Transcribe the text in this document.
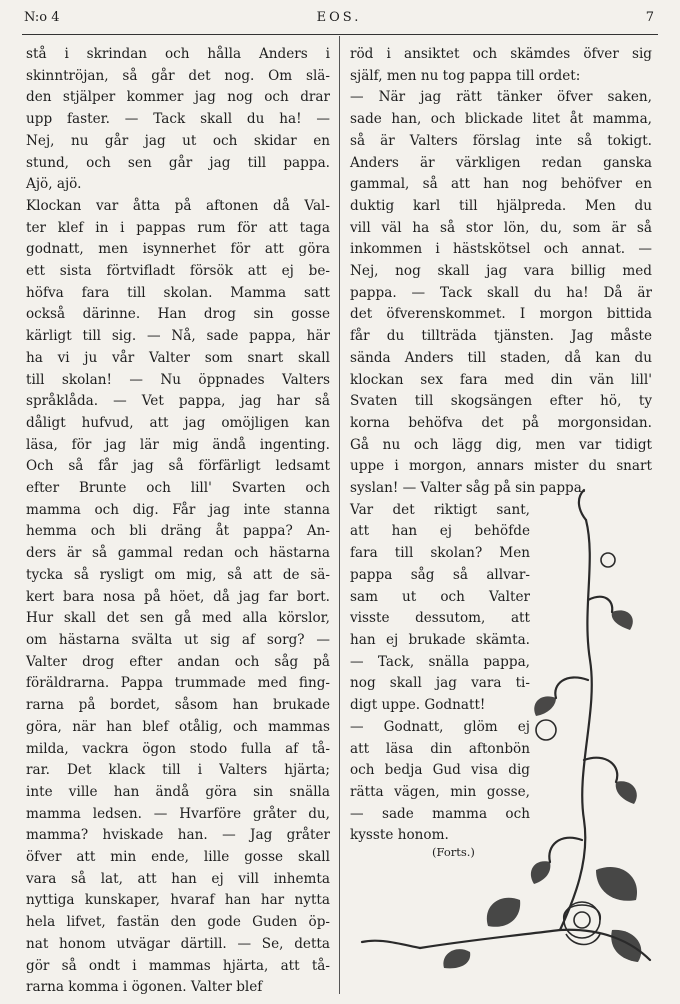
N:o 4	EOS.	7
stå i skrindan och hålla Anders i
skinntröjan, så går det nog. Om slä-
den stjälper kommer jag nog och drar
upp faster. — Tack skall du ha! —
Nej, nu går jag ut och skidar en
stund, och sen går jag till pappa.
Ajö, ajö.
Klockan var åtta på aftonen då Val-
ter klef in i pappas rum för att taga
godnatt, men isynnerhet för att göra
ett sista förtvifladt försök att ej be-
höfva fara till skolan. Mamma satt
också därinne. Han drog sin gosse
kärligt till sig. — Nå, sade pappa, här
ha vi ju vår Valter som snart skall
till skolan! — Nu öppnades Valters
språklåda. — Vet pappa, jag har så
dåligt hufvud, att jag omöjligen kan
läsa, för jag lär mig ändå ingenting.
Och så får jag så förfärligt ledsamt
efter Brunte och lill' Svarten och
mamma och dig. Får jag inte stanna
hemma och bli dräng åt pappa? An-
ders är så gammal redan och hästarna
tycka så rysligt om mig, så att de sä-
kert bara nosa på höet, då jag far bort.
Hur skall det sen gå med alla körslor,
om hästarna svälta ut sig af sorg? —
Valter drog efter andan och såg på
föräldrarna. Pappa trummade med fing-
rarna på bordet, såsom han brukade
göra, när han blef otålig, och mammas
milda, vackra ögon stodo fulla af tå-
rar. Det klack till i Valters hjärta;
inte ville han ändå göra sin snälla
mamma ledsen. — Hvarföre gråter du,
mamma? hviskade han. — Jag gråter
öfver att min ende, lille gosse skall
vara så lat, att han ej vill inhemta
nyttiga kunskaper, hvaraf han har nytta
hela lifvet, fastän den gode Guden öp-
nat honom utvägar därtill. — Se, detta
gör så ondt i mammas hjärta, att tå-
rarna komma i ögonen. Valter blef
röd i ansiktet och skämdes öfver sig
själf, men nu tog pappa till ordet:
— När jag rätt tänker öfver saken,
sade han, och blickade litet åt mamma,
så är Valters förslag inte så tokigt.
Anders är värkligen redan ganska
gammal, så att han nog behöfver en
duktig karl till hjälpreda. Men du
vill väl ha så stor lön, du, som är så
inkommen i hästskötsel och annat. —
Nej, nog skall jag vara billig med
pappa. — Tack skall du ha! Då är
det öfverenskommet. I morgon bittida
får du tillträda tjänsten. Jag måste
sända Anders till staden, då kan du
klockan sex fara med din vän lill'
Svaten till skogsängen efter hö, ty
korna behöfva det på morgonsidan.
Gå nu och lägg dig, men var tidigt
uppe i morgon, annars mister du snart
syslan! — Valter såg på sin pappa.
Var det riktigt sant,
att han ej behöfde
fara till skolan? Men
pappa såg så allvar-
sam ut och Valter
visste dessutom, att
han ej brukade skämta.
— Tack, snälla pappa,
nog skall jag vara ti-
digt uppe. Godnatt!
— Godnatt, glöm ej
att läsa din aftonbön
och bedja Gud visa dig
rätta vägen, min gosse,
— sade mamma och
kysste honom.
(Forts.)
